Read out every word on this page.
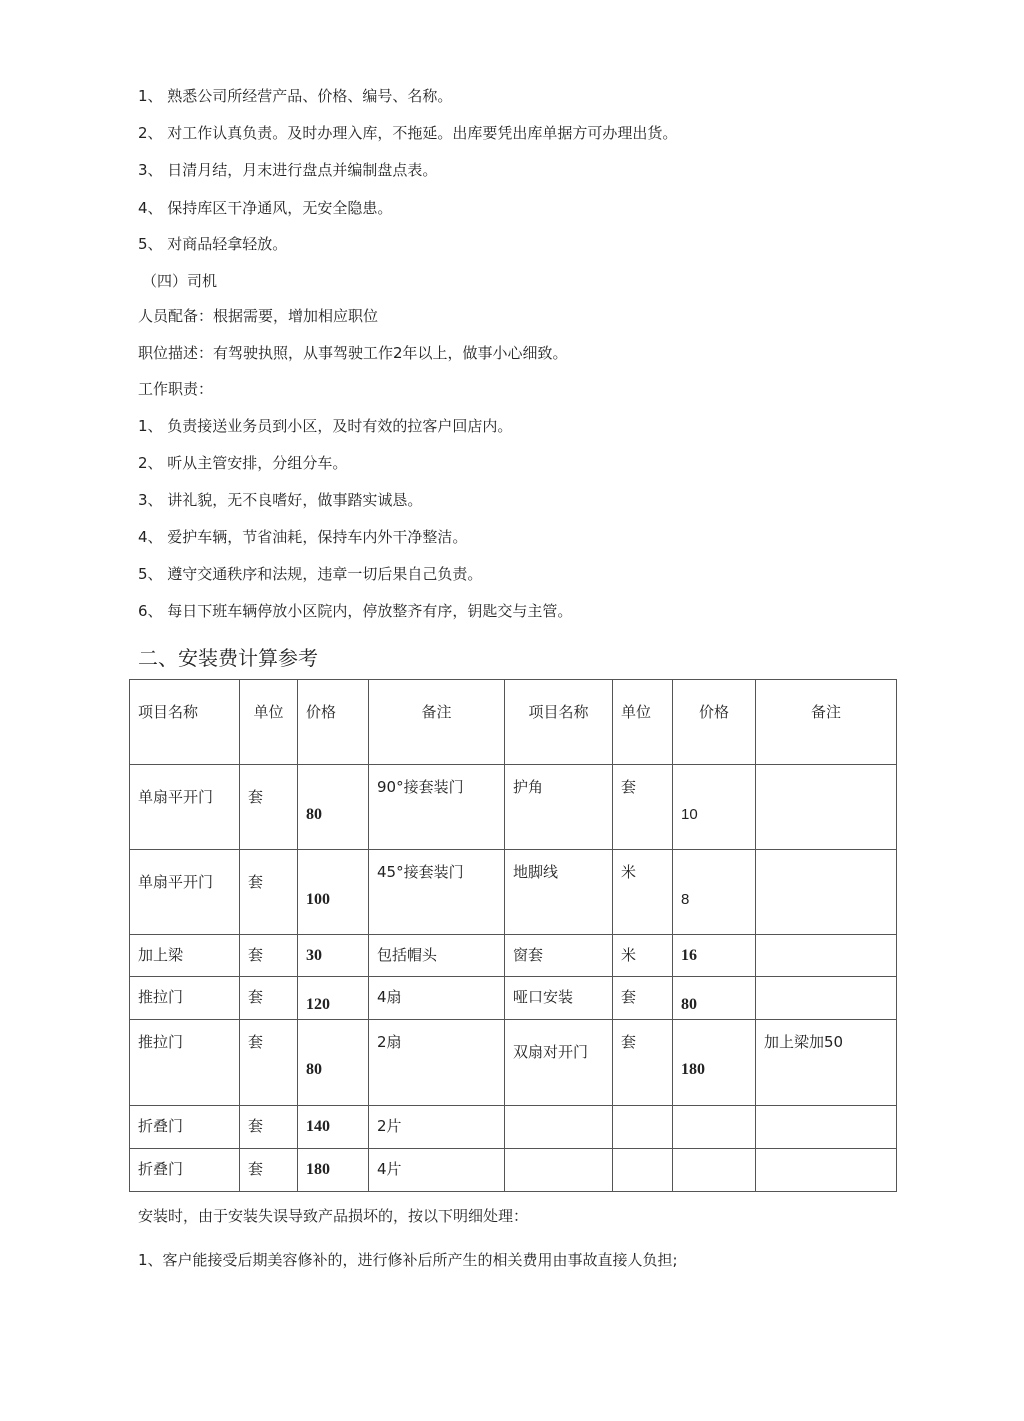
1、 熟悉公司所经营产品、价格、编号、名称。
2、 对工作认真负责。及时办理入库，不拖延。出库要凭出库单据方可办理出货。
3、 日清月结，月末进行盘点并编制盘点表。
4、 保持库区干净通风，无安全隐患。
5、 对商品轻拿轻放。
（四）司机
人员配备：根据需要，增加相应职位
职位描述：有驾驶执照，从事驾驶工作2年以上，做事小心细致。
工作职责：
1、 负责接送业务员到小区，及时有效的拉客户回店内。
2、 听从主管安排，分组分车。
3、 讲礼貌，无不良嗜好，做事踏实诚恳。
4、 爱护车辆，节省油耗，保持车内外干净整洁。
5、 遵守交通秩序和法规，违章一切后果自己负责。
6、 每日下班车辆停放小区院内，停放整齐有序，钥匙交与主管。
二、安装费计算参考
项目名称	单位	价格	备注	项目名称	单位	价格	备注
单扇平开门	套	80	90°接套装门	护角	套	10	
单扇平开门	套	100	45°接套装门	地脚线	米	8	
加上梁	套	30	包括帽头	窗套	米	16	
推拉门	套	120	4扇	哑口安装	套	80	
推拉门	套	80	2扇	双扇对开门	套	180	加上梁加50
折叠门	套	140	2片				
折叠门	套	180	4片				
安装时，由于安装失误导致产品损坏的，按以下明细处理：
1、客户能接受后期美容修补的，进行修补后所产生的相关费用由事故直接人负担;
